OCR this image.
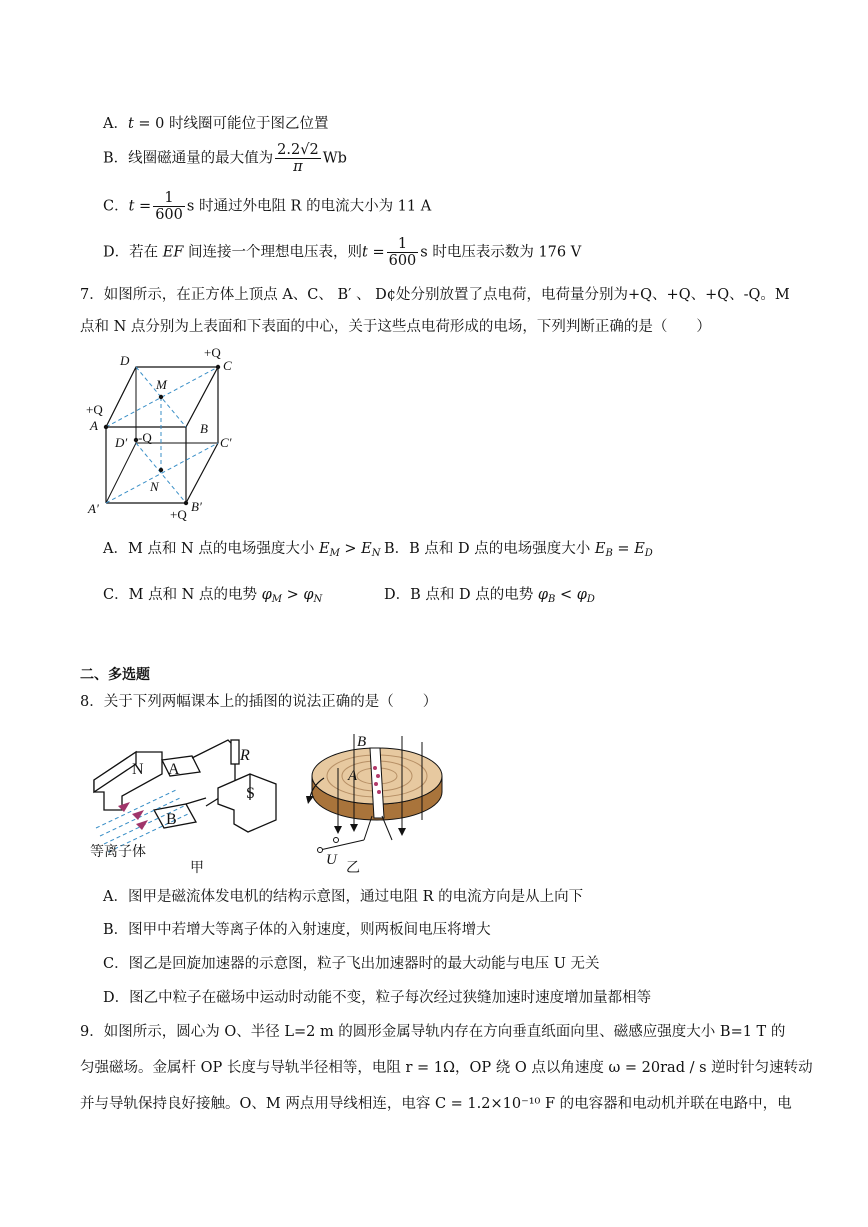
A．t = 0 时线圈可能位于图乙位置
B．线圈磁通量的最大值为 $\frac{2.2√2}{\pi}$ Wb
C．$t = \frac{1}{600}$ s 时通过外电阻 R 的电流大小为 11 A
D．若在 EF 间连接一个理想电压表，则$t = \frac{1}{600}$ s 时电压表示数为 176 V
7．如图所示，在正方体上顶点 A、C、 B′ 、 D¢处分别放置了点电荷，电荷量分别为+Q、+Q、+Q、-Q。M
点和 N 点分别为上表面和下表面的中心，关于这些点电荷形成的电场，下列判断正确的是（　　）
D
+Q
C
M
+Q
A	B
D′ -Q	C′
N
A′	B′
+Q
A．M 点和 N 点的电场强度大小 $E_M > E_N$ B．B 点和 D 点的电场强度大小 $E_B = E_D$
C．M 点和 N 点的电势 $\varphi_M > \varphi_N$	D．B 点和 D 点的电势 $\varphi_B < \varphi_D$
二、多选题
8．关于下列两幅课本上的插图的说法正确的是（　　）
N A
R
S
B
等离子体
甲
B
A
U
乙
A．图甲是磁流体发电机的结构示意图，通过电阻 R 的电流方向是从上向下
B．图甲中若增大等离子体的入射速度，则两板间电压将增大
C．图乙是回旋加速器的示意图，粒子飞出加速器时的最大动能与电压 U 无关
D．图乙中粒子在磁场中运动时动能不变，粒子每次经过狭缝加速时速度增加量都相等
9．如图所示，圆心为 O、半径 L=2 m 的圆形金属导轨内存在方向垂直纸面向里、磁感应强度大小 B=1 T 的
匀强磁场。金属杆 OP 长度与导轨半径相等，电阻 r = 1Ω，OP 绕 O 点以角速度 ω = 20rad / s 逆时针匀速转动
并与导轨保持良好接触。O、M 两点用导线相连，电容 C = 1.2×10⁻¹⁰ F 的电容器和电动机并联在电路中，电
